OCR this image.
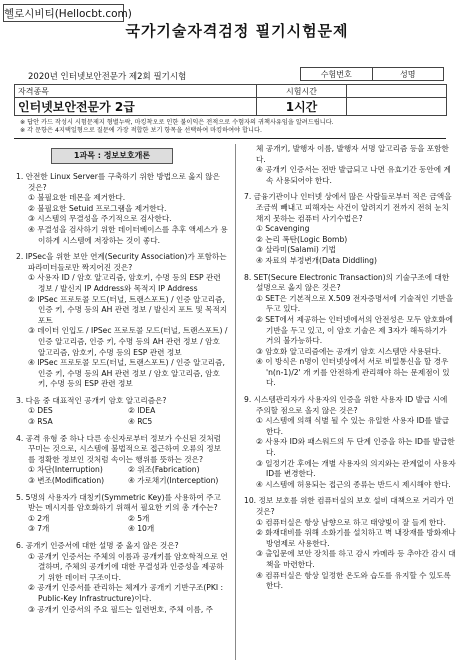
헬로시비티(Hellocbt.com)
국가기술자격검정 필기시험문제
2020년 인터넷보안전문가 제2회 필기시험	수험번호	성명
자격종목	시험시간	
인터넷보안전문가 2급	1시간	
※ 답안 카드 작성시 시험문제지 형별누락, 마킹착오로 인한 불이익은 전적으로 수험자의 귀책사유임을 알려드립니다.
※ 각 문항은 4지택일형으로 질문에 가장 적합한 보기 항목을 선택하여 마킹하여야 합니다.
1과목 : 정보보호개론
1. 안전한 Linux Server를 구축하기 위한 방법으로 옳지 않은 것은?
① 불필요한 데몬을 제거한다.
② 불필요한 Setuid 프로그램을 제거한다.
③ 시스템의 무결성을 주기적으로 검사한다.
④ 무결성을 검사하기 위한 데이터베이스를 추후 액세스가 용이하게 시스템에 저장하는 것이 좋다.
2. IPSec을 위한 보안 연계(Security Association)가 포함하는 파라미터들로만 짝지어진 것은?
① 사용자 ID / 암호 알고리즘, 암호키, 수명 등의 ESP 관련 정보 / 발신지 IP Address와 목적지 IP Address
② IPSec 프로토콜 모드(터널, 트랜스포트) / 인증 알고리즘, 인증 키, 수명 등의 AH 관련 정보 / 발신지 포트 및 목적지 포트
③ 데이터 인입도 / IPSec 프로토콜 모드(터널, 트랜스포트) / 인증 알고리즘, 인증 키, 수명 등의 AH 관련 정보 / 암호 알고리즘, 암호키, 수명 등의 ESP 관련 정보
④ IPSec 프로토콜 모드(터널, 트랜스포트) / 인증 알고리즘, 인증 키, 수명 등의 AH 관련 정보 / 암호 알고리즘, 암호키, 수명 등의 ESP 관련 정보
3. 다음 중 대표적인 공개키 암호 알고리즘은?
① DES	② IDEA
③ RSA	④ RC5
4. 공격 유형 중 하나 다른 송신자로부터 정보가 수신된 것처럼 꾸미는 것으로, 시스템에 불법적으로 접근하여 오류의 정보를 정확한 정보인 것처럼 속이는 행위를 뜻하는 것은?
① 차단(Interruption)	② 위조(Fabrication)
③ 변조(Modification)	④ 가로채기(Interception)
5. 5명의 사용자가 대칭키(Symmetric Key)를 사용하여 주고받는 메시지를 암호화하기 위해서 필요한 키의 총 개수는?
① 2개	② 5개
③ 7개	④ 10개
6. 공개키 인증서에 대한 설명 중 옳지 않은 것은?
① 공개키 인증서는 주체의 이름과 공개키를 암호학적으로 연결하며, 주체의 공개키에 대한 무결성과 인증성을 제공하기 위한 데이터 구조이다.
② 공개키 인증서를 관리하는 체계가 공개키 기반구조(PKI : Public-Key Infrastructure)이다.
③ 공개키 인증서의 주요 필드는 일련번호, 주체 이름, 주
체 공개키, 발행자 이름, 발행자 서명 알고리즘 등을 포함한다.
④ 공개키 인증서는 전반 발급되고 나면 유효기간 동안에 계속 사용되어야 한다.
7. 금융기관이나 인터넷 상에서 많은 사람들로부터 적은 금액을 조금씩 빼내고 피해자는 사건이 알려지기 전까지 전혀 눈치 채지 못하는 컴퓨터 사기수법은?
① Scavenging
② 논리 폭탄(Logic Bomb)
③ 살라미(Salami) 기법
④ 자료의 부정변개(Data Diddling)
8. SET(Secure Electronic Transaction)의 기술구조에 대한 설명으로 옳지 않은 것은?
① SET은 기본적으로 X.509 전자증명서에 기술적인 기반을 두고 있다.
② SET에서 제공하는 인터넷에서의 안전성은 모두 암호화에 기반을 두고 있고, 이 암호 기술은 제 3자가 해독하기가 거의 불가능하다.
③ 암호화 알고리즘에는 공개키 암호 시스템만 사용된다.
④ 이 방식은 n명이 인터넷상에서 서로 비밀통신을 할 경우 'n(n-1)/2' 개 키를 안전하게 관리해야 하는 문제점이 있다.
9. 시스템관리자가 사용자의 인증을 위한 사용자 ID 발급 시에 주의할 점으로 올지 않은 것은?
① 시스템에 의해 식별 될 수 있는 유일한 사용자 ID를 발급한다.
② 사용자 ID와 패스워드의 두 단계 인증을 하는 ID를 발급한다.
③ 일정기간 후에는 개별 사용자의 의지와는 관계없이 사용자 ID를 변경한다.
④ 시스템에 허용되는 접근의 종류는 반드시 제시해야 한다.
10. 정보 보호를 위한 컴퓨터실의 보호 설비 대책으로 거리가 먼 것은?
① 컴퓨터실은 항상 남향으로 하고 태양빛이 잘 들게 한다.
② 화재대비를 위해 소화기를 설치하고 벽 내장재를 방화재나 방염제로 사용한다.
③ 출입문에 보안 장치를 하고 감시 카메라 등 추야간 감시 대책을 마련한다.
④ 컴퓨터실은 항상 일정한 온도와 습도를 유지할 수 있도록 한다.
